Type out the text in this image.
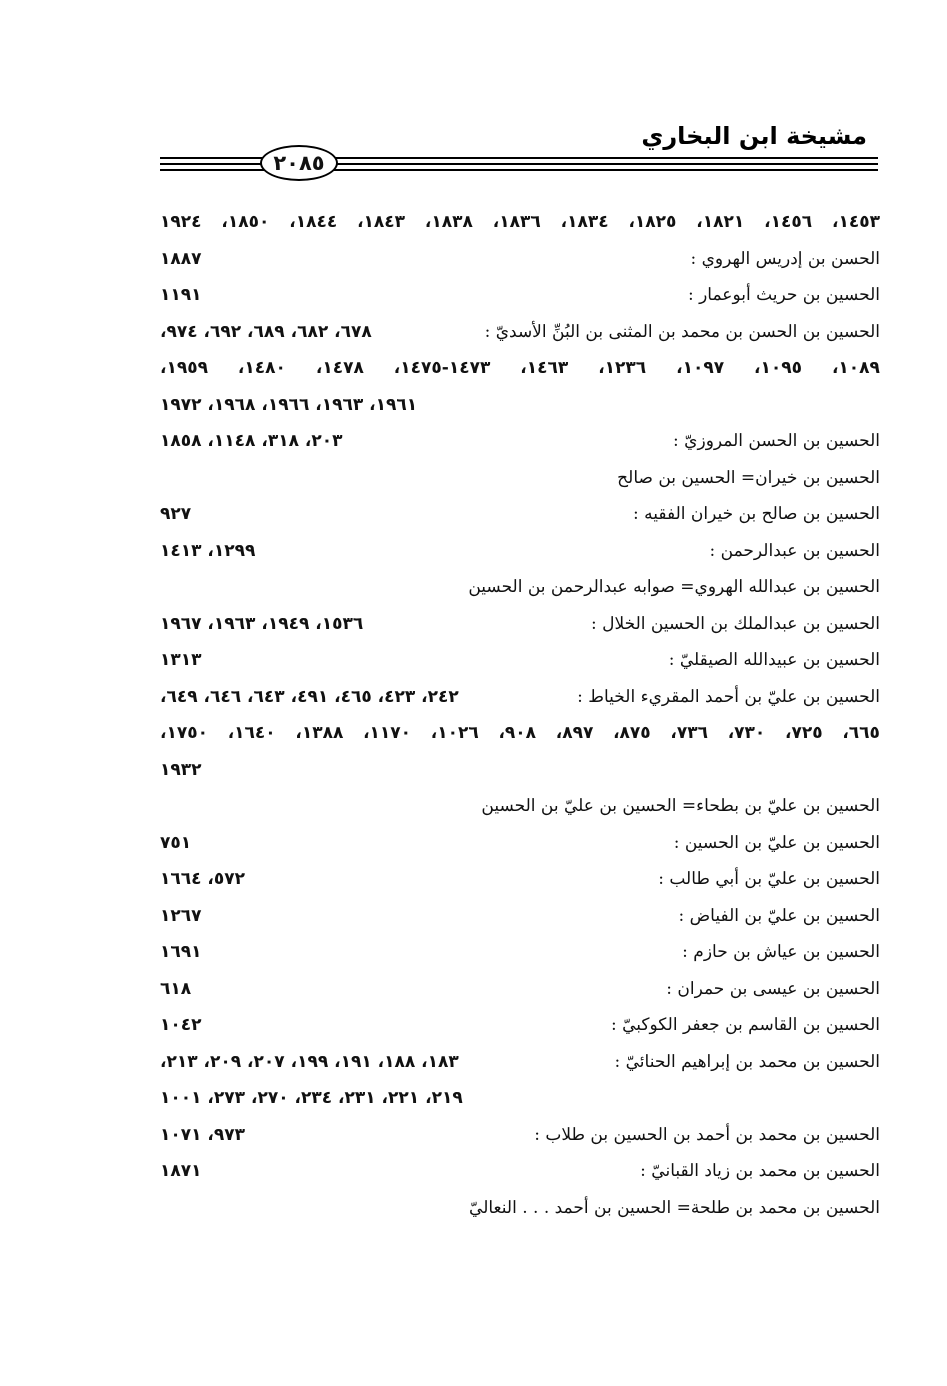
مشيخة ابن البخاري
٢٠٨٥
١٤٥٣، ١٤٥٦، ١٨٢١، ١٨٢٥، ١٨٣٤، ١٨٣٦، ١٨٣٨، ١٨٤٣، ١٨٤٤، ١٨٥٠، ١٩٢٤
الحسن بن إدريس الهروي :
١٨٨٧
الحسين بن حريث أبوعمار :
١١٩١
الحسين بن الحسن بن محمد بن المثنى بن البُنِّ الأسديّ :
٦٧٨، ٦٨٢، ٦٨٩، ٦٩٢، ٩٧٤،
١٠٨٩، ١٠٩٥، ١٠٩٧، ١٢٣٦، ١٤٦٣، ١٤٧٣-١٤٧٥، ١٤٧٨، ١٤٨٠، ١٩٥٩،
١٩٦١، ١٩٦٣، ١٩٦٦، ١٩٦٨، ١٩٧٢
الحسين بن الحسن المروزيّ :
٢٠٣، ٣١٨، ١١٤٨، ١٨٥٨
الحسين بن خيران= الحسين بن صالح
الحسين بن صالح بن خيران الفقيه :
٩٢٧
الحسين بن عبدالرحمن :
١٢٩٩، ١٤١٣
الحسين بن عبدالله الهروي= صوابه عبدالرحمن بن الحسين
الحسين بن عبدالملك بن الحسين الخلال :
١٥٣٦، ١٩٤٩، ١٩٦٣، ١٩٦٧
الحسين بن عبيدالله الصيقليّ :
١٣١٣
الحسين بن عليّ بن أحمد المقريء الخياط :
٢٤٢، ٤٢٣، ٤٦٥، ٤٩١، ٦٤٣، ٦٤٦، ٦٤٩،
٦٦٥، ٧٢٥، ٧٣٠، ٧٣٦، ٨٧٥، ٨٩٧، ٩٠٨، ١٠٢٦، ١١٧٠، ١٣٨٨، ١٦٤٠، ١٧٥٠،
١٩٣٢
الحسين بن عليّ بن بطحاء= الحسين بن عليّ بن الحسين
الحسين بن عليّ بن الحسين :
٧٥١
الحسين بن عليّ بن أبي طالب :
٥٧٢، ١٦٦٤
الحسين بن عليّ بن الفياض :
١٢٦٧
الحسين بن عياش بن حازم :
١٦٩١
الحسين بن عيسى بن حمران :
٦١٨
الحسين بن القاسم بن جعفر الكوكبيّ :
١٠٤٢
الحسين بن محمد بن إبراهيم الحنائيّ :
١٨٣، ١٨٨، ١٩١، ١٩٩، ٢٠٧، ٢٠٩، ٢١٣،
٢١٩، ٢٢١، ٢٣١، ٢٣٤، ٢٧٠، ٢٧٣، ١٠٠١
الحسين بن محمد بن أحمد بن الحسين بن طلاب :
٩٧٣، ١٠٧١
الحسين بن محمد بن زياد القبانيّ :
١٨٧١
الحسين بن محمد بن طلحة= الحسين بن أحمد . . . النعاليّ
